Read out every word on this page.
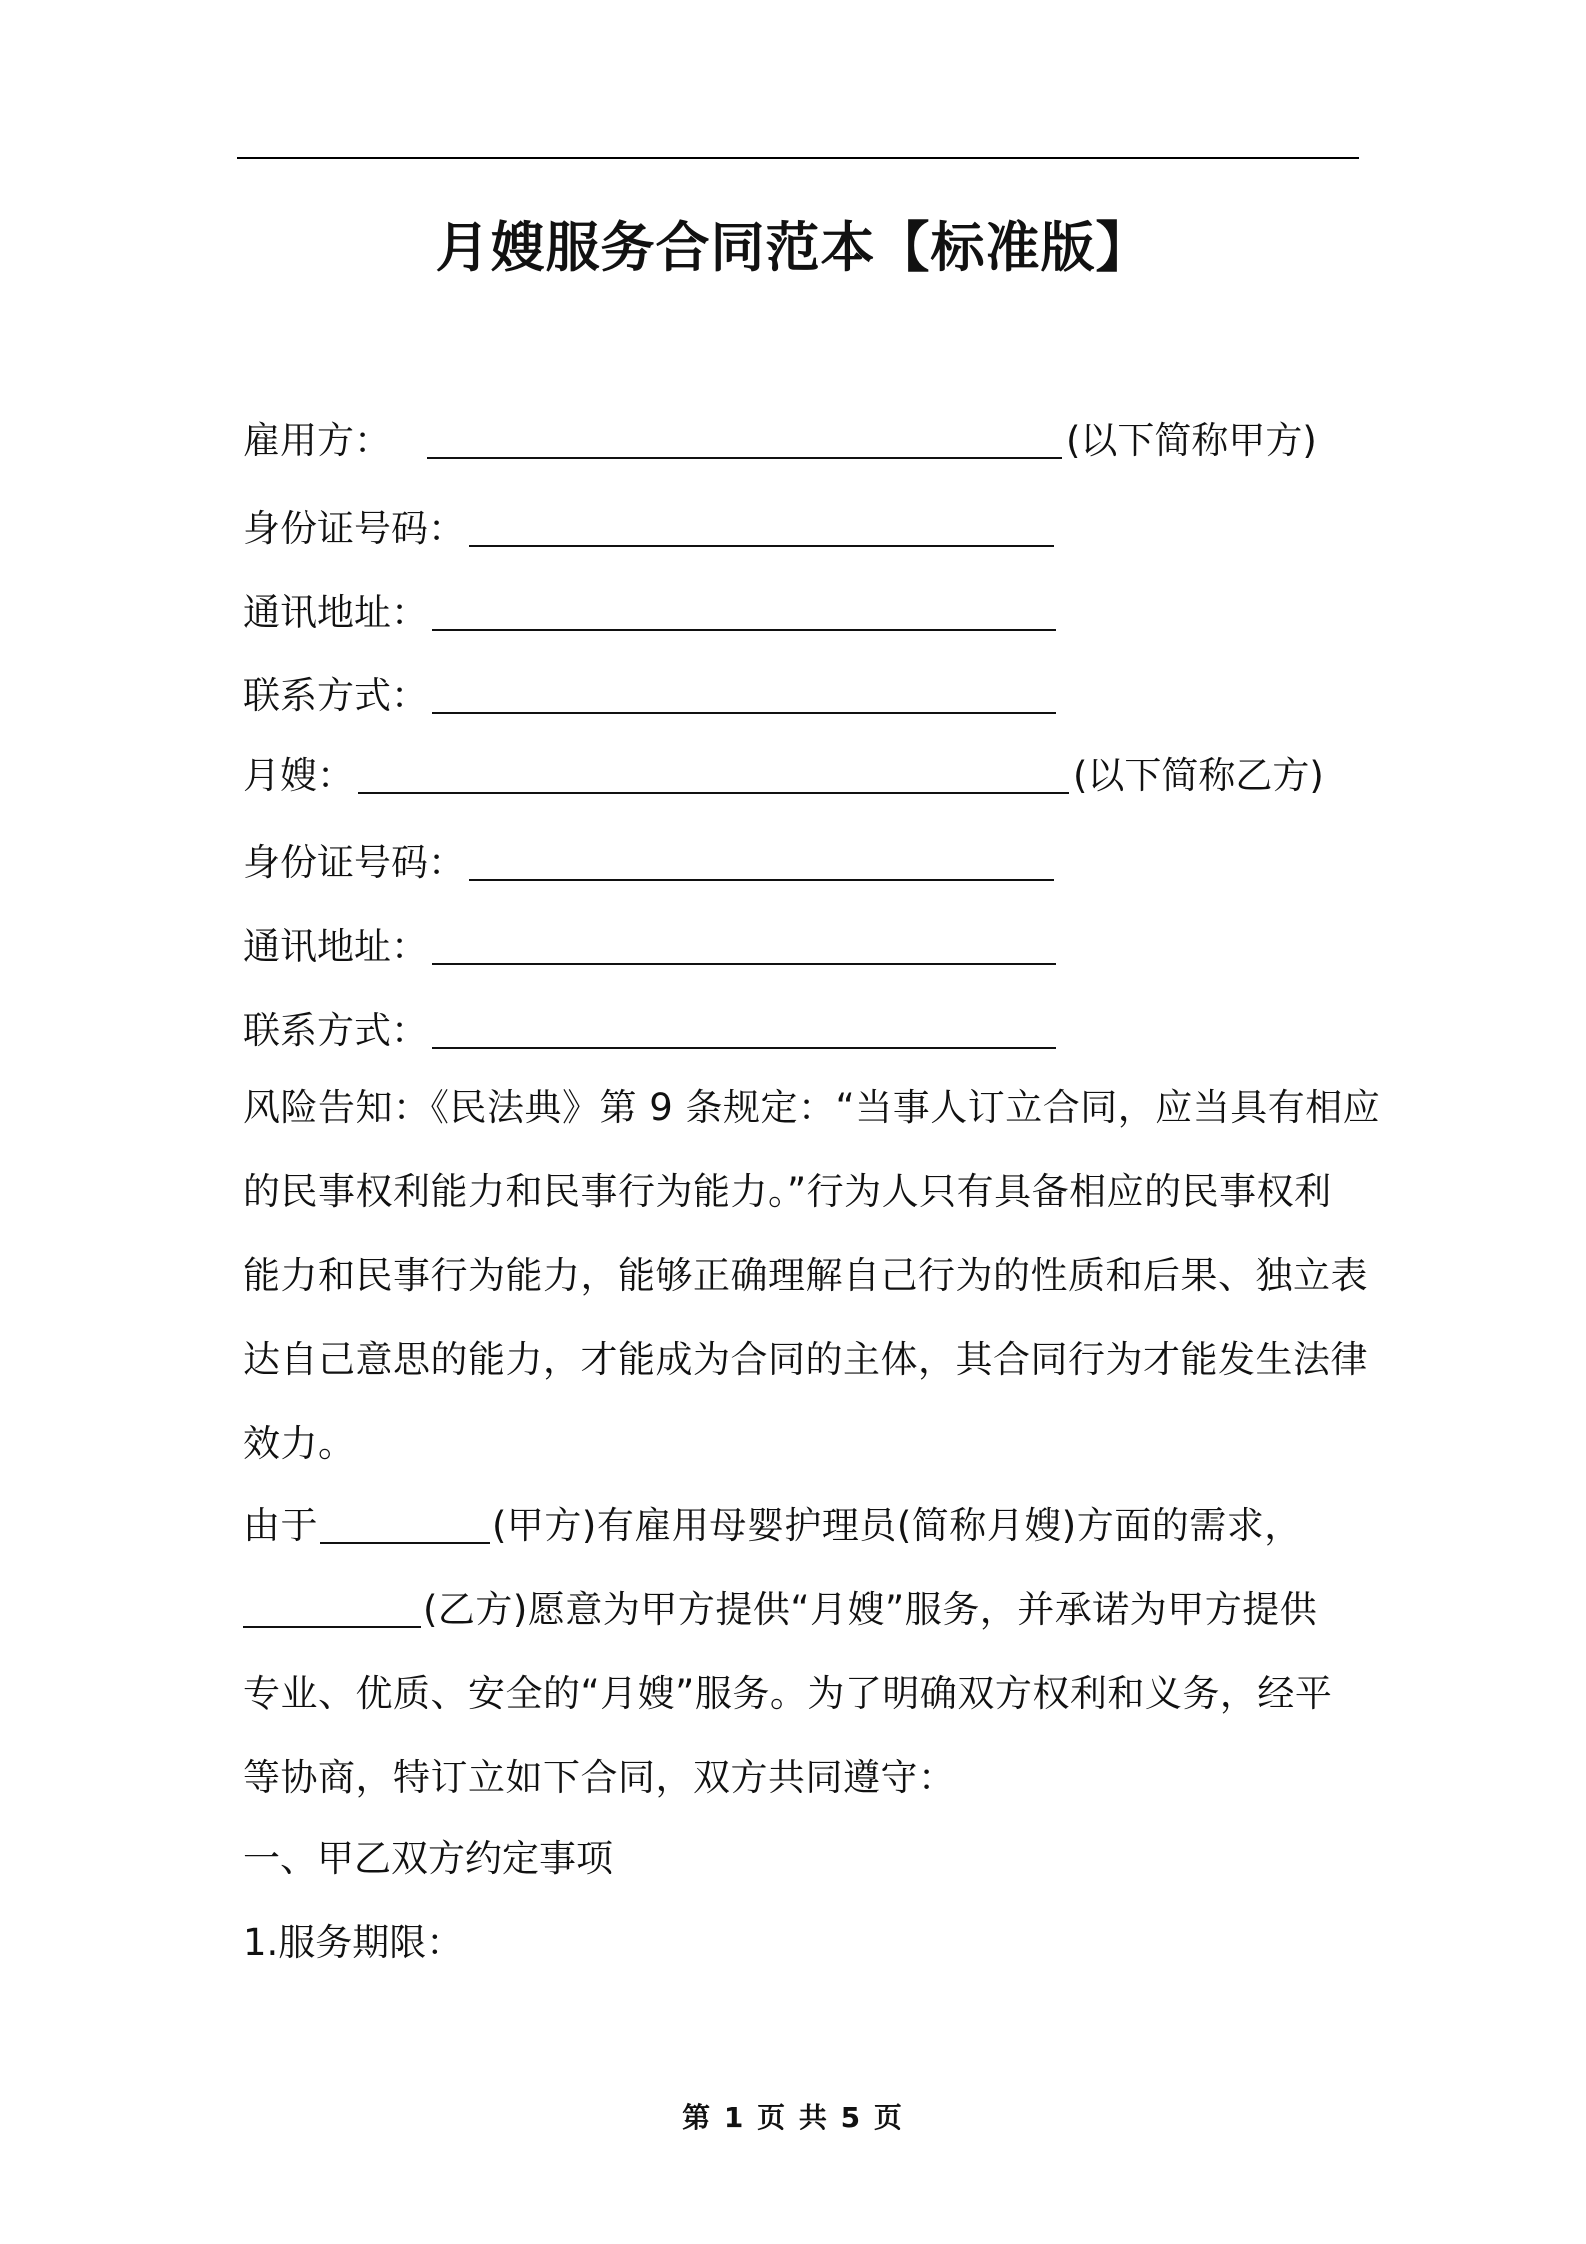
月嫂服务合同范本【标准版】
雇用方：	(以下简称甲方)
身份证号码：
通讯地址：
联系方式：
月嫂：	(以下简称乙方)
身份证号码：
通讯地址：
联系方式：
风险告知：《民法典》第 9 条规定：“当事人订立合同，应当具有相应
的民事权利能力和民事行为能力。”行为人只有具备相应的民事权利
能力和民事行为能力，能够正确理解自己行为的性质和后果、独立表
达自己意思的能力，才能成为合同的主体，其合同行为才能发生法律
效力。
由于	(甲方)有雇用母婴护理员(简称月嫂)方面的需求，
(乙方)愿意为甲方提供“月嫂”服务，并承诺为甲方提供
专业、优质、安全的“月嫂”服务。为了明确双方权利和义务，经平
等协商，特订立如下合同，双方共同遵守：
一、甲乙双方约定事项
1.服务期限：
第 1 页 共 5 页
